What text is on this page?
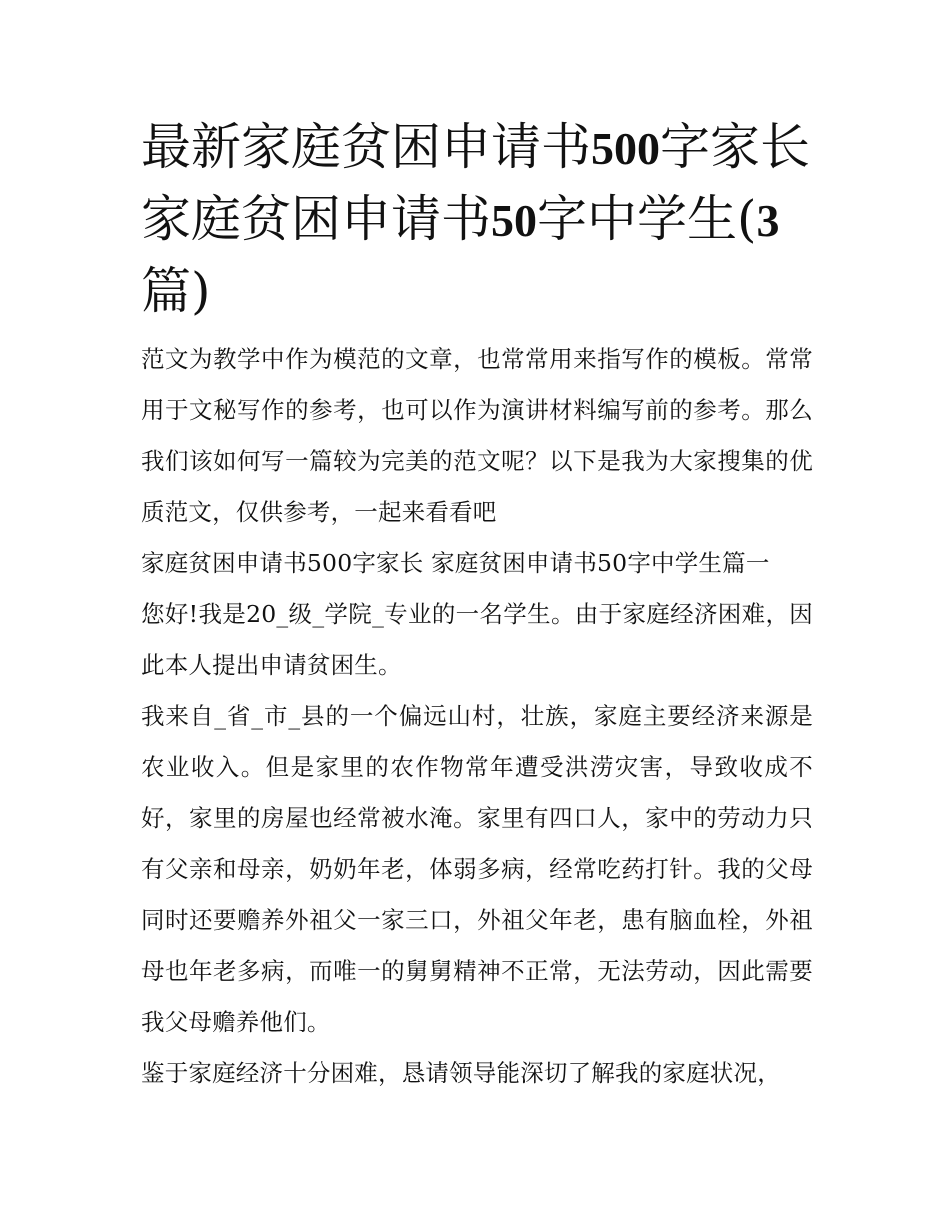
最新家庭贫困申请书500字家长 家庭贫困申请书50字中学生(3篇)

范文为教学中作为模范的文章，也常常用来指写作的模板。常常用于文秘写作的参考，也可以作为演讲材料编写前的参考。那么我们该如何写一篇较为完美的范文呢？以下是我为大家搜集的优质范文，仅供参考，一起来看看吧

家庭贫困申请书500字家长 家庭贫困申请书50字中学生篇一

您好!我是20_级_学院_专业的一名学生。由于家庭经济困难，因此本人提出申请贫困生。

我来自_省_市_县的一个偏远山村，壮族，家庭主要经济来源是农业收入。但是家里的农作物常年遭受洪涝灾害，导致收成不好，家里的房屋也经常被水淹。家里有四口人，家中的劳动力只有父亲和母亲，奶奶年老，体弱多病，经常吃药打针。我的父母同时还要赡养外祖父一家三口，外祖父年老，患有脑血栓，外祖母也年老多病，而唯一的舅舅精神不正常，无法劳动，因此需要我父母赡养他们。

鉴于家庭经济十分困难，恳请领导能深切了解我的家庭状况，
